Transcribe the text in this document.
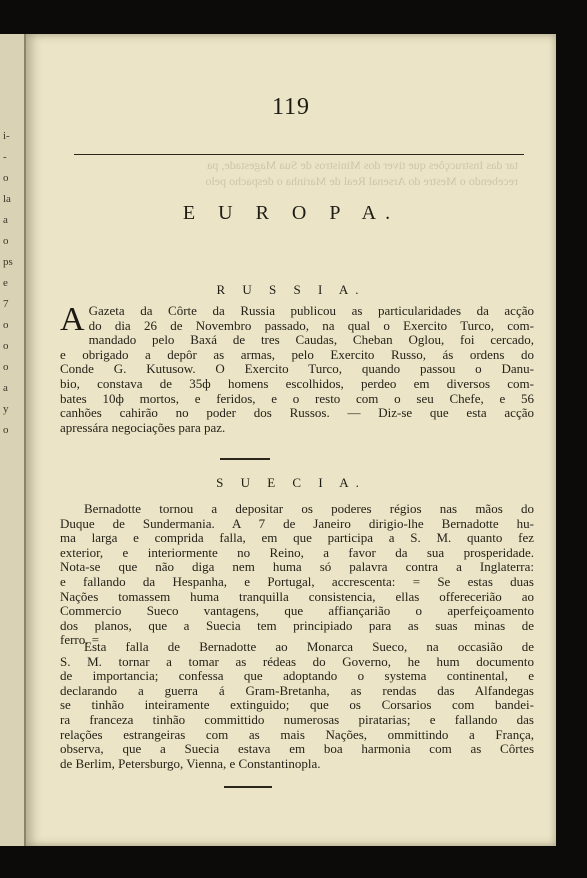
i-
-
o
la
a
o
ps
e
7
o
o
o
a
y
o
119
tar das Instrucções que tiver dos Ministros de Sua Magestade, pa
recebendo o Mestre do Arsenal Real de Marinha o despacho pelo
E U R O P A.
R U S S I A.
A Gazeta da Côrte da Russia publicou as particularidades da acção
do dia 26 de Novembro passado, na qual o Exercito Turco, com-
mandado pelo Baxá de tres Caudas, Cheban Oglou, foi cercado,
e obrigado a depôr as armas, pelo Exercito Russo, ás ordens do
Conde G. Kutusow. O Exercito Turco, quando passou o Danu-
bio, constava de 35ф homens escolhidos, perdeo em diversos com-
bates 10ф mortos, e feridos, e o resto com o seu Chefe, e 56
canhões cahirão no poder dos Russos. — Diz-se que esta acção
apressára negociações para paz.
S U E C I A.
Bernadotte tornou a depositar os poderes régios nas mãos do
Duque de Sundermania. A 7 de Janeiro dirigio-lhe Bernadotte hu-
ma larga e comprida falla, em que participa a S. M. quanto fez
exterior, e interiormente no Reino, a favor da sua prosperidade.
Nota-se que não diga nem huma só palavra contra a Inglaterra:
e fallando da Hespanha, e Portugal, accrescenta: = Se estas duas
Nações tomassem huma tranquilla consistencia, ellas offerecerião ao
Commercio Sueco vantagens, que affiançarião o aperfeiçoamento
dos planos, que a Suecia tem principiado para as suas minas de
ferro. =
Esta falla de Bernadotte ao Monarca Sueco, na occasião de
S. M. tornar a tomar as rédeas do Governo, he hum documento
de importancia; confessa que adoptando o systema continental, e
declarando a guerra á Gram-Bretanha, as rendas das Alfandegas
se tinhão inteiramente extinguido; que os Corsarios com bandei-
ra franceza tinhão committido numerosas piratarias; e fallando das
relações estrangeiras com as mais Nações, ommittindo a França,
observa, que a Suecia estava em boa harmonia com as Côrtes
de Berlim, Petersburgo, Vienna, e Constantinopla.
